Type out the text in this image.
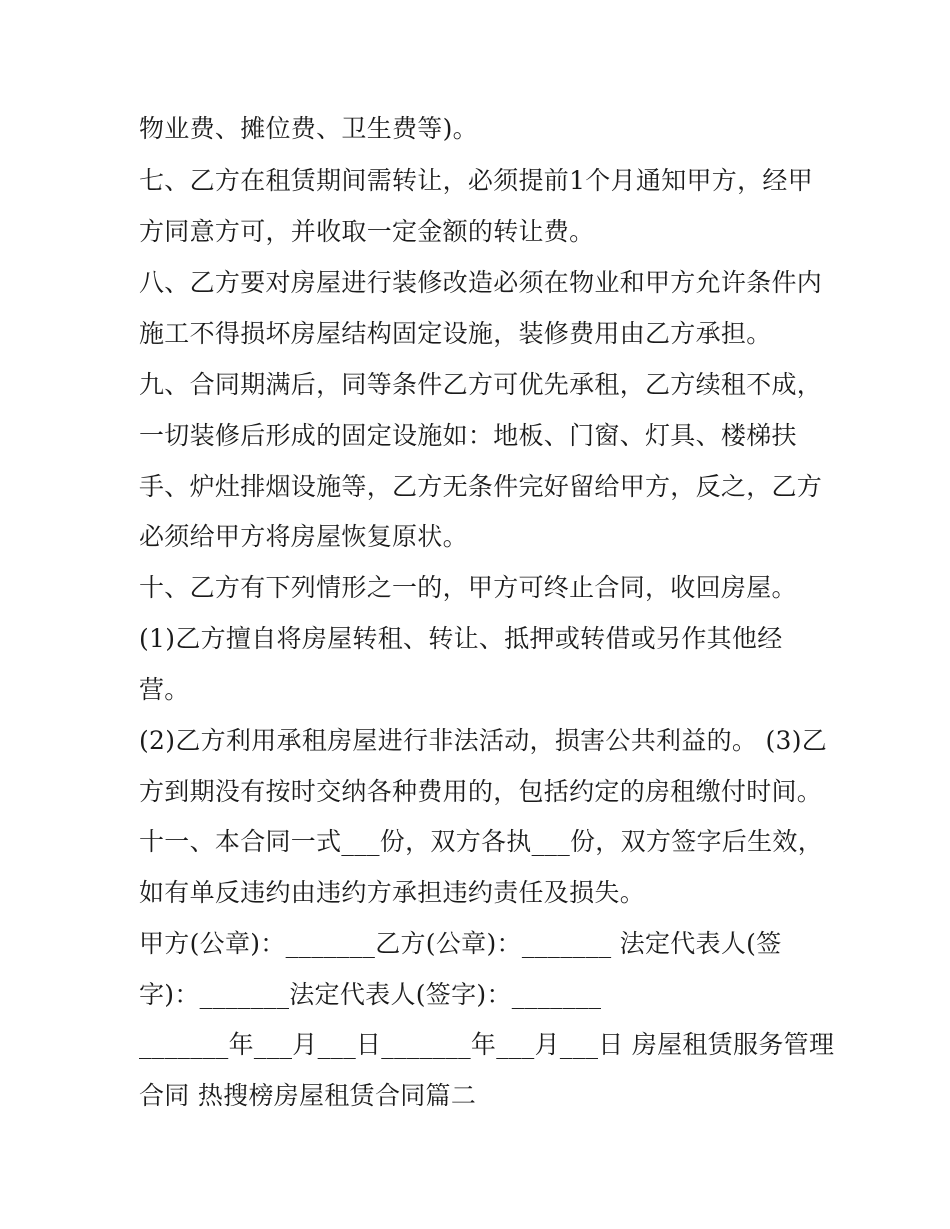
物业费、摊位费、卫生费等)。
七、乙方在租赁期间需转让，必须提前1个月通知甲方，经甲
方同意方可，并收取一定金额的转让费。
八、乙方要对房屋进行装修改造必须在物业和甲方允许条件内
施工不得损坏房屋结构固定设施，装修费用由乙方承担。
九、合同期满后，同等条件乙方可优先承租，乙方续租不成，
一切装修后形成的固定设施如：地板、门窗、灯具、楼梯扶
手、炉灶排烟设施等，乙方无条件完好留给甲方，反之，乙方
必须给甲方将房屋恢复原状。
十、乙方有下列情形之一的，甲方可终止合同，收回房屋。
(1)乙方擅自将房屋转租、转让、抵押或转借或另作其他经
营。
(2)乙方利用承租房屋进行非法活动，损害公共利益的。 (3)乙
方到期没有按时交纳各种费用的，包括约定的房租缴付时间。
十一、本合同一式___份，双方各执___份，双方签字后生效，
如有单反违约由违约方承担违约责任及损失。
甲方(公章)：_______乙方(公章)：_______ 法定代表人(签
字)：_______法定代表人(签字)：_______
_______年___月___日_______年___月___日 房屋租赁服务管理
合同 热搜榜房屋租赁合同篇二
